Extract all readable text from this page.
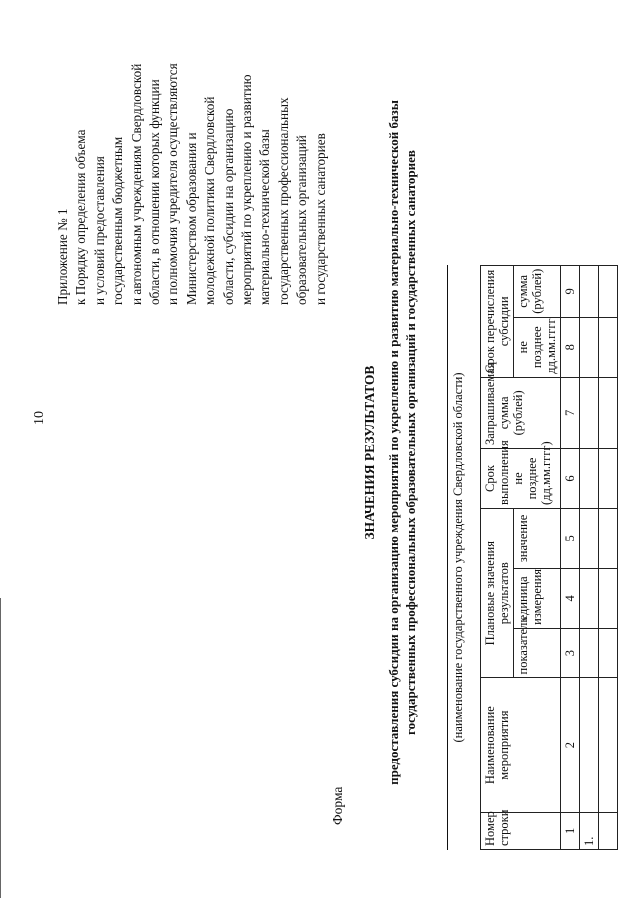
10
Приложение № 1 к Порядку определения объема и условий предоставления государственным бюджетным и автономным учреждениям Свердловской области, в отношении которых функции и полномочия учредителя осуществляются Министерством образования и молодежной политики Свердловской области, субсидии на организацию мероприятий по укреплению и развитию материально-технической базы государственных профессиональных образовательных организаций и государственных санаториев
Форма
ЗНАЧЕНИЯ РЕЗУЛЬТАТОВ предоставления субсидии на организацию мероприятий по укреплению и развитию материально-технической базы государственных профессиональных образовательных организаций и государственных санаториев	(наименование государственного учреждения Свердловской области)
Номер строки	Наименование мероприятия	Плановые значения результатов			Срок выполнения не позднее (дд.мм.гггг)	Запрашиваемая сумма (рублей)	Срок перечисления субсидии	
		показатель	единица измерения	значение			не позднее дд.мм.гггг	сумма (рублей)
1	2	3	4	5	6	7	8	9
1.								
